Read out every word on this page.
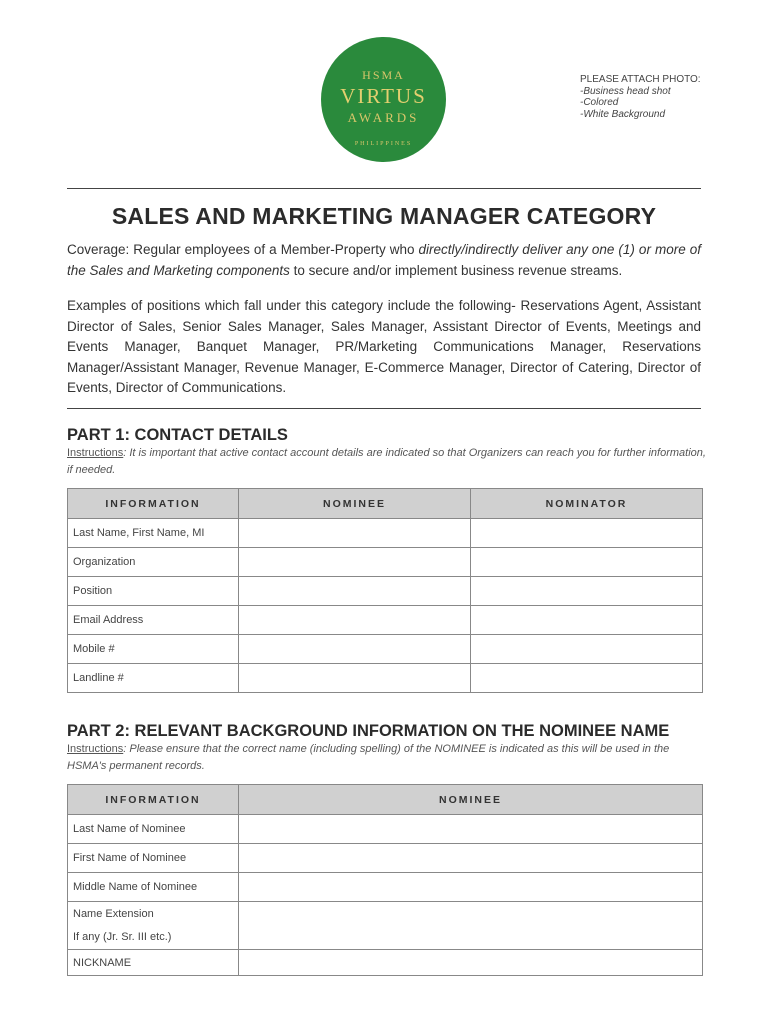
HSMA
VIRTUS
AWARDS
PHILIPPINES
PLEASE ATTACH PHOTO:
-Business head shot
-Colored
-White Background
SALES AND MARKETING MANAGER CATEGORY
Coverage: Regular employees of a Member-Property who directly/indirectly deliver any one (1) or more of the Sales and Marketing components to secure and/or implement business revenue streams.
Examples of positions which fall under this category include the following- Reservations Agent, Assistant Director of Sales, Senior Sales Manager, Sales Manager, Assistant Director of Events, Meetings and Events Manager, Banquet Manager, PR/Marketing Communications Manager, Reservations Manager/Assistant Manager, Revenue Manager, E-Commerce Manager, Director of Catering, Director of Events, Director of Communications.
PART 1: CONTACT DETAILS
Instructions: It is important that active contact account details are indicated so that Organizers can reach you for further information, if needed.
INFORMATION	NOMINEE	NOMINATOR
Last Name, First Name, MI		
Organization		
Position		
Email Address		
Mobile #		
Landline #		
PART 2: RELEVANT BACKGROUND INFORMATION ON THE NOMINEE NAME
Instructions: Please ensure that the correct name (including spelling) of the NOMINEE is indicated as this will be used in the HSMA's permanent records.
INFORMATION	NOMINEE
Last Name of Nominee	
First Name of Nominee	
Middle Name of Nominee	

Name Extension
If any (Jr. Sr. III etc.)	

NICKNAME	
